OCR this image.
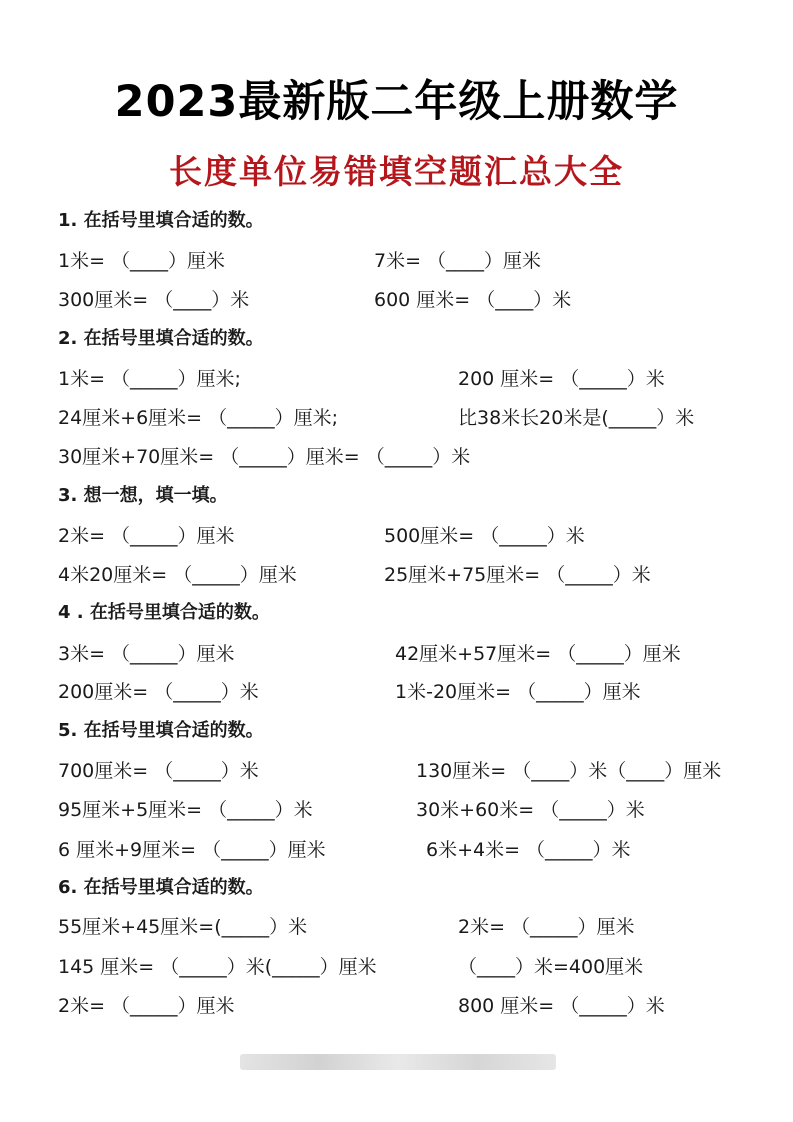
2023最新版二年级上册数学
长度单位易错填空题汇总大全
1. 在括号里填合适的数。
1米= （____）厘米	7米= （____）厘米
300厘米= （____）米	600 厘米= （____）米
2. 在括号里填合适的数。
1米= （_____）厘米;	200 厘米= （_____）米
24厘米+6厘米= （_____）厘米;	比38米长20米是(_____）米
30厘米+70厘米= （_____）厘米= （_____）米
3. 想一想，填一填。
2米= （_____）厘米	500厘米= （_____）米
4米20厘米= （_____）厘米	25厘米+75厘米= （_____）米
4 . 在括号里填合适的数。
3米= （_____）厘米	42厘米+57厘米= （_____）厘米
200厘米= （_____）米	1米-20厘米= （_____）厘米
5. 在括号里填合适的数。
700厘米= （_____）米	130厘米= （____）米（____）厘米
95厘米+5厘米= （_____）米	30米+60米= （_____）米
6 厘米+9厘米= （_____）厘米	6米+4米= （_____）米
6. 在括号里填合适的数。
55厘米+45厘米=(_____）米	2米= （_____）厘米
145 厘米= （_____）米(_____）厘米	（____）米=400厘米
2米= （_____）厘米	800 厘米= （_____）米
